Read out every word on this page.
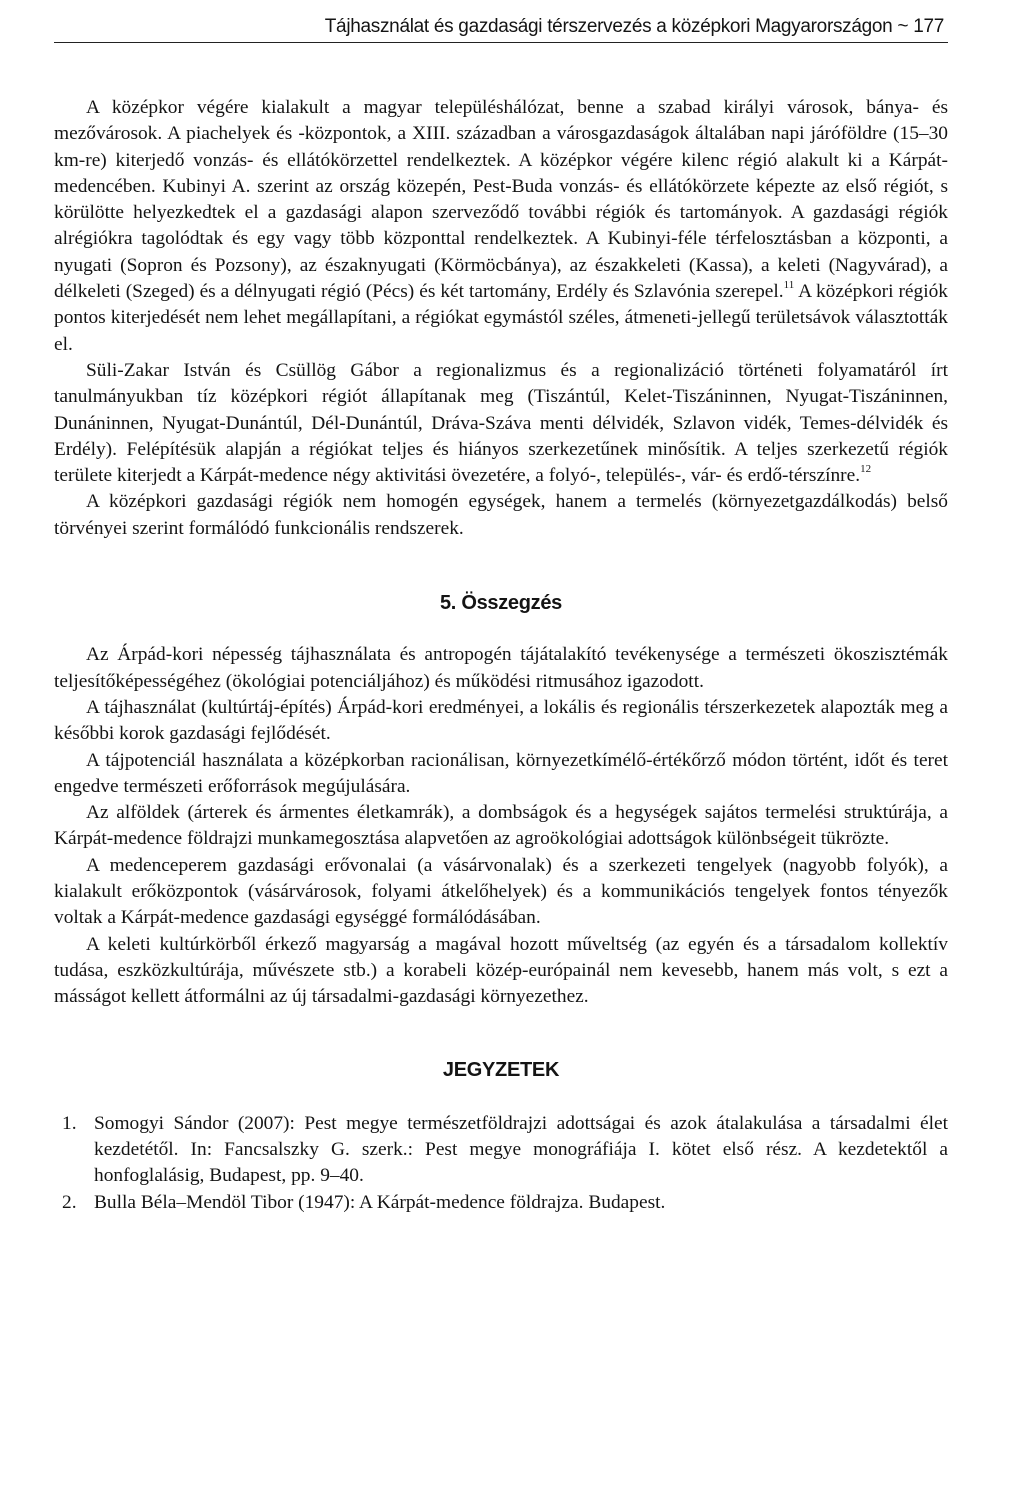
Tájhasználat és gazdasági térszervezés a középkori Magyarországon ~ 177

A középkor végére kialakult a magyar településhálózat, benne a szabad királyi városok, bánya- és mezővárosok. A piachelyek és -központok, a XIII. században a városgazdaságok általában napi járóföldre (15–30 km-re) kiterjedő vonzás- és ellátókörzettel rendelkeztek. A középkor végére kilenc régió alakult ki a Kárpát-medencében. Kubinyi A. szerint az ország közepén, Pest-Buda vonzás- és ellátókörzete képezte az első régiót, s körülötte helyezkedtek el a gazdasági alapon szerveződő további régiók és tartományok. A gazdasági régiók alrégiókra tagolódtak és egy vagy több központtal rendelkeztek. A Kubinyi-féle térfelosztásban a központi, a nyugati (Sopron és Pozsony), az északnyugati (Körmöcbánya), az északkeleti (Kassa), a keleti (Nagyvárad), a délkeleti (Szeged) és a délnyugati régió (Pécs) és két tartomány, Erdély és Szlavónia szerepel.$^{11}$ A középkori régiók pontos kiterjedését nem lehet megállapítani, a régiókat egymástól széles, átmeneti-jellegű területsávok választották el.

Süli-Zakar István és Csüllög Gábor a regionalizmus és a regionalizáció történeti folyamatáról írt tanulmányukban tíz középkori régiót állapítanak meg (Tiszántúl, Kelet-Tiszáninnen, Nyugat-Tiszáninnen, Dunáninnen, Nyugat-Dunántúl, Dél-Dunántúl, Dráva-Száva menti délvidék, Szlavon vidék, Temes-délvidék és Erdély). Felépítésük alapján a régiókat teljes és hiányos szerkezetűnek minősítik. A teljes szerkezetű régiók területe kiterjedt a Kárpát-medence négy aktivitási övezetére, a folyó-, település-, vár- és erdő-térszínre.$^{12}$

A középkori gazdasági régiók nem homogén egységek, hanem a termelés (környezetgazdálkodás) belső törvényei szerint formálódó funkcionális rendszerek.

5. Összegzés

Az Árpád-kori népesség tájhasználata és antropogén tájátalakító tevékenysége a természeti ökoszisztémák teljesítőképességéhez (ökológiai potenciáljához) és működési ritmusához igazodott.

A tájhasználat (kultúrtáj-építés) Árpád-kori eredményei, a lokális és regionális térszerkezetek alapozták meg a későbbi korok gazdasági fejlődését.

A tájpotenciál használata a középkorban racionálisan, környezetkímélő-értékőrző módon történt, időt és teret engedve természeti erőforrások megújulására.

Az alföldek (árterek és ármentes életkamrák), a dombságok és a hegységek sajátos termelési struktúrája, a Kárpát-medence földrajzi munkamegosztása alapvetően az agroökológiai adottságok különbségeit tükrözte.

A medenceperem gazdasági erővonalai (a vásárvonalak) és a szerkezeti tengelyek (nagyobb folyók), a kialakult erőközpontok (vásárvárosok, folyami átkelőhelyek) és a kommunikációs tengelyek fontos tényezők voltak a Kárpát-medence gazdasági egységgé formálódásában.

A keleti kultúrkörből érkező magyarság a magával hozott műveltség (az egyén és a társadalom kollektív tudása, eszközkultúrája, művészete stb.) a korabeli közép-európainál nem kevesebb, hanem más volt, s ezt a másságot kellett átformálni az új társadalmi-gazdasági környezethez.

JEGYZETEK
1. Somogyi Sándor (2007): Pest megye természetföldrajzi adottságai és azok átalakulása a társadalmi élet kezdetétől. In: Fancsalszky G. szerk.: Pest megye monográfiája I. kötet első rész. A kezdetektől a honfoglalásig, Budapest, pp. 9–40.
2. Bulla Béla–Mendöl Tibor (1947): A Kárpát-medence földrajza. Budapest.
